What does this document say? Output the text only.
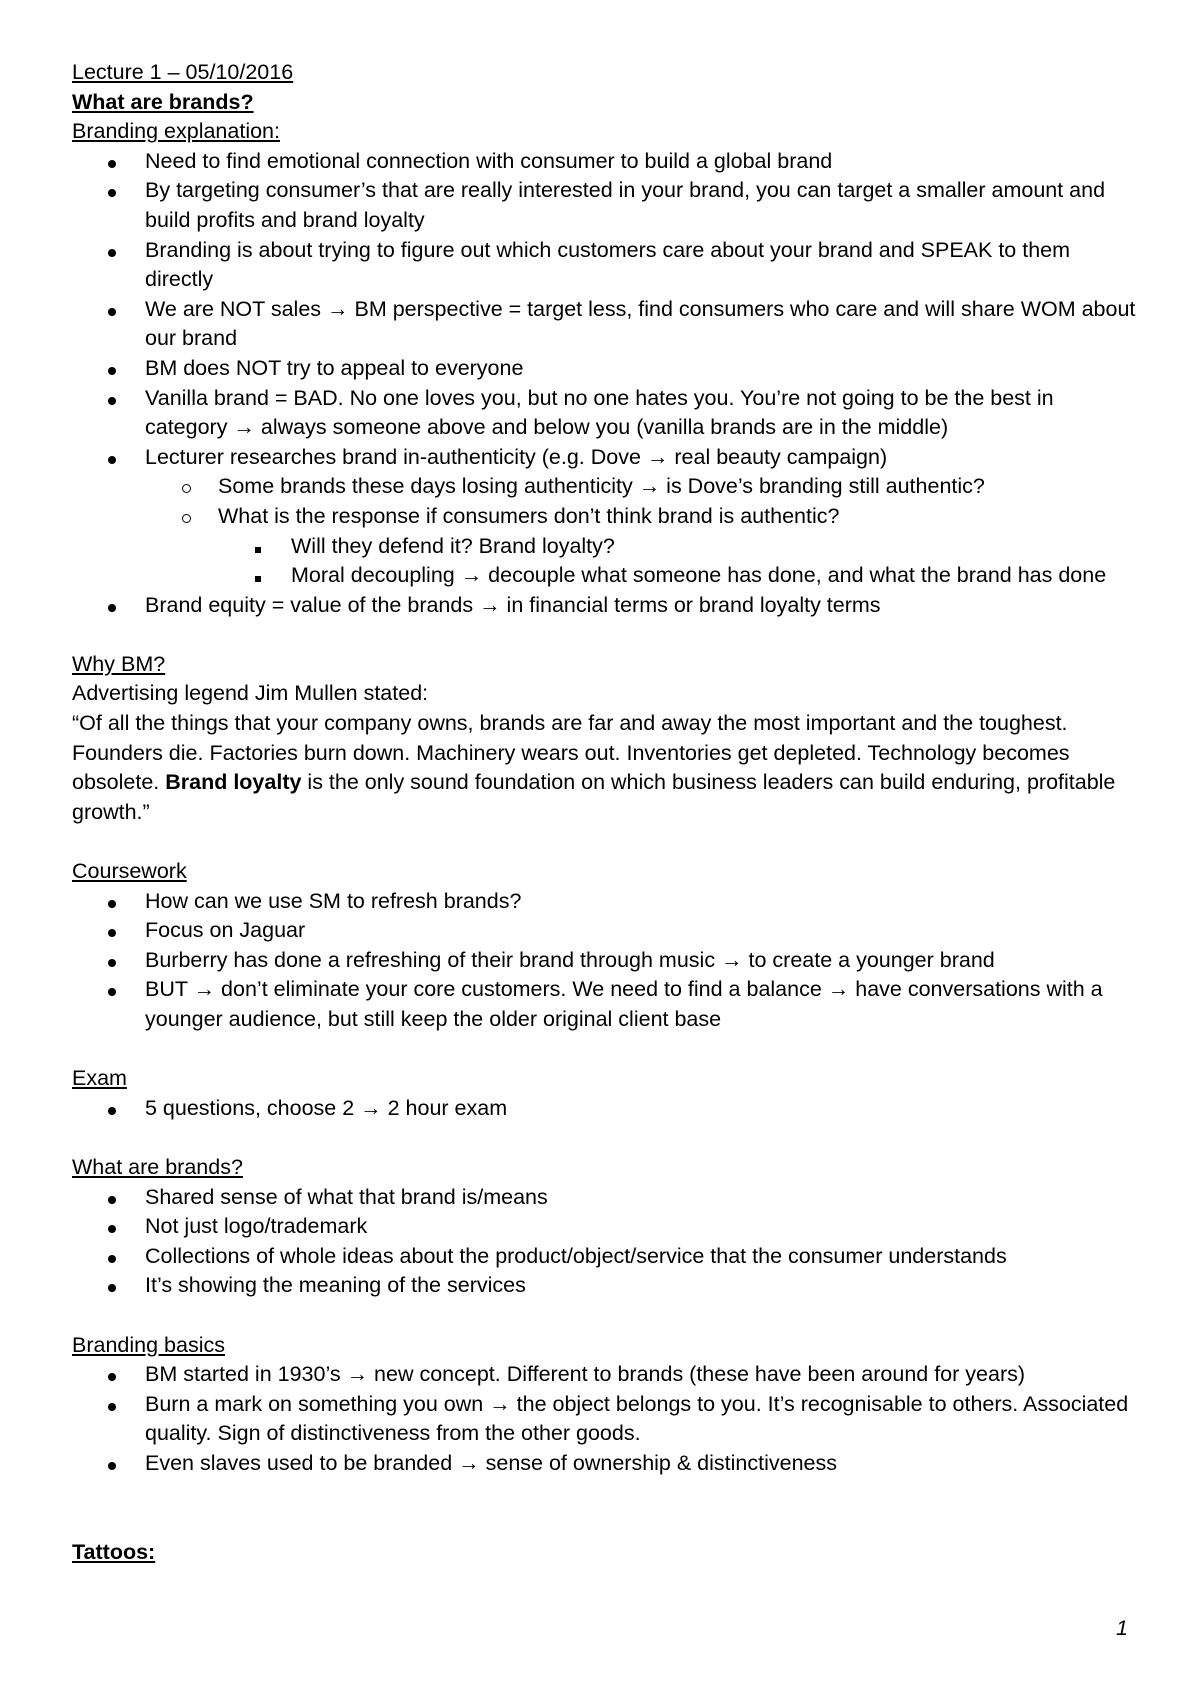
Lecture 1 – 05/10/2016
What are brands?
Branding explanation:
Need to find emotional connection with consumer to build a global brand
By targeting consumer’s that are really interested in your brand, you can target a smaller amount and build profits and brand loyalty
Branding is about trying to figure out which customers care about your brand and SPEAK to them directly
We are NOT sales → BM perspective = target less, find consumers who care and will share WOM about our brand
BM does NOT try to appeal to everyone
Vanilla brand = BAD. No one loves you, but no one hates you. You’re not going to be the best in category → always someone above and below you (vanilla brands are in the middle)
Lecturer researches brand in-authenticity (e.g. Dove → real beauty campaign)
Some brands these days losing authenticity → is Dove’s branding still authentic?
What is the response if consumers don’t think brand is authentic?
Will they defend it? Brand loyalty?
Moral decoupling → decouple what someone has done, and what the brand has done
Brand equity = value of the brands → in financial terms or brand loyalty terms
Why BM?
Advertising legend Jim Mullen stated:
“Of all the things that your company owns, brands are far and away the most important and the toughest. Founders die. Factories burn down. Machinery wears out. Inventories get depleted. Technology becomes obsolete. Brand loyalty is the only sound foundation on which business leaders can build enduring, profitable growth.”
Coursework
How can we use SM to refresh brands?
Focus on Jaguar
Burberry has done a refreshing of their brand through music → to create a younger brand
BUT → don’t eliminate your core customers. We need to find a balance → have conversations with a younger audience, but still keep the older original client base
Exam
5 questions, choose 2 → 2 hour exam
What are brands?
Shared sense of what that brand is/means
Not just logo/trademark
Collections of whole ideas about the product/object/service that the consumer understands
It’s showing the meaning of the services
Branding basics
BM started in 1930’s → new concept. Different to brands (these have been around for years)
Burn a mark on something you own → the object belongs to you. It’s recognisable to others. Associated quality. Sign of distinctiveness from the other goods.
Even slaves used to be branded → sense of ownership & distinctiveness
Tattoos:
1
